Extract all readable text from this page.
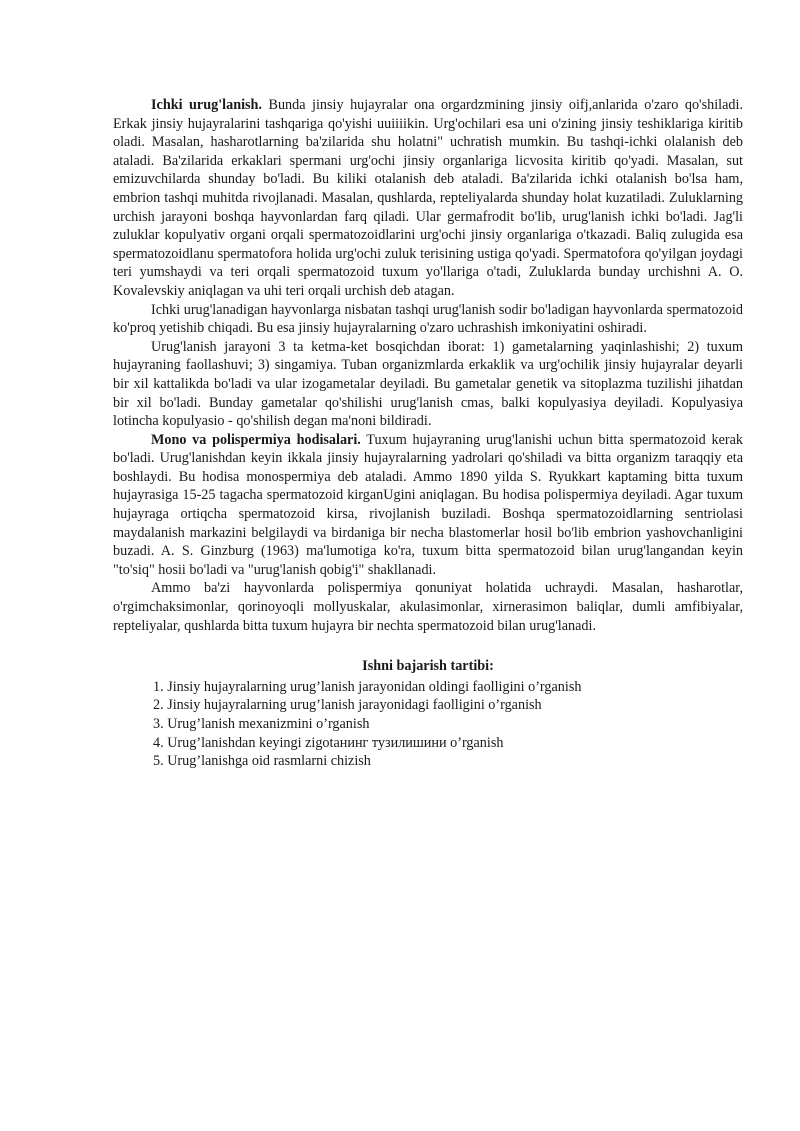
Ichki urug'lanish. Bunda jinsiy hujayralar ona orgardzmining jinsiy oifj,anlarida o'zaro qo'shiladi. Erkak jinsiy hujayralarini tashqariga qo'yishi uuiiiikin. Urg'ochilari esa uni o'zining jinsiy teshiklariga kiritib oladi. Masalan, hasharotlarning ba'zilarida shu holatni" uchratish mumkin. Bu tashqi-ichki olalanish deb ataladi. Ba'zilarida erkaklari spermani urg'ochi jinsiy organlariga licvosita kiritib qo'yadi. Masalan, sut emizuvchilarda shunday bo'ladi. Bu kiliki otalanish deb ataladi. Ba'zilarida ichki otalanish bo'lsa ham, embrion tashqi muhitda rivojlanadi. Masalan, qushlarda, repteliyalarda shunday holat kuzatiladi. Zuluklarning urchish jarayoni boshqa hayvonlardan farq qiladi. Ular germafrodit bo'lib, urug'lanish ichki bo'ladi. Jag'li zuluklar kopulyativ organi orqali spermatozoidlarini urg'ochi jinsiy organlariga o'tkazadi. Baliq zulugida esa spermatozoidlanu spermatofora holida urg'ochi zuluk terisining ustiga qo'yadi. Spermatofora qo'yilgan joydagi teri yumshaydi va teri orqali spermatozoid tuxum yo'llariga o'tadi, Zuluklarda bunday urchishni A. O. Kovalevskiy aniqlagan va uhi teri orqali urchish deb atagan.

Ichki urug'lanadigan hayvonlarga nisbatan tashqi urug'lanish sodir bo'ladigan hayvonlarda spermatozoid ko'proq yetishib chiqadi. Bu esa jinsiy hujayralarning o'zaro uchrashish imkoniyatini oshiradi.

Urug'lanish jarayoni 3 ta ketma-ket bosqichdan iborat: 1) gametalarning yaqinlashishi; 2) tuxum hujayraning faollashuvi; 3) singamiya. Tuban organizmlarda erkaklik va urg'ochilik jinsiy hujayralar deyarli bir xil kattalikda bo'ladi va ular izogametalar deyiladi. Bu gametalar genetik va sitoplazma tuzilishi jihatdan bir xil bo'ladi. Bunday gametalar qo'shilishi urug'lanish cmas, balki kopulyasiya deyiladi. Kopulyasiya lotincha kopulyasio - qo'shilish degan ma'noni bildiradi.

Mono va polispermiya hodisalari. Tuxum hujayraning urug'lanishi uchun bitta spermatozoid kerak bo'ladi. Urug'lanishdan keyin ikkala jinsiy hujayralarning yadrolari qo'shiladi va bitta organizm taraqqiy eta boshlaydi. Bu hodisa monospermiya deb ataladi. Ammo 1890 yilda S. Ryukkart kaptaming bitta tuxum hujayrasiga 15-25 tagacha spermatozoid kirganUgini aniqlagan. Bu hodisa polispermiya deyiladi. Agar tuxum hujayraga ortiqcha spermatozoid kirsa, rivojlanish buziladi. Boshqa spermatozoidlarning sentriolasi maydalanish markazini belgilaydi va birdaniga bir necha blastomerlar hosil bo'lib embrion yashovchanligini buzadi. A. S. Ginzburg (1963) ma'lumotiga ko'ra, tuxum bitta spermatozoid bilan urug'langandan keyin "to'siq" hosii bo'ladi va "urug'lanish qobig'i" shakllanadi.

Ammo ba'zi hayvonlarda polispermiya qonuniyat holatida uchraydi. Masalan, hasharotlar, o'rgimchaksimonlar, qorinoyoqli mollyuskalar, akulasimonlar, xirnerasimon baliqlar, dumli amfibiyalar, repteliyalar, qushlarda bitta tuxum hujayra bir nechta spermatozoid bilan urug'lanadi.

Ishni bajarish tartibi:
1. Jinsiy hujayralarning urug’lanish jarayonidan oldingi faolligini o’rganish
2. Jinsiy hujayralarning urug’lanish jarayonidagi faolligini o’rganish
3. Urug’lanish mexanizmini o’rganish
4. Urug’lanishdan keyingi zigotaнинг тузилишини o’rganish
5. Urug’lanishga oid rasmlarni chizish
